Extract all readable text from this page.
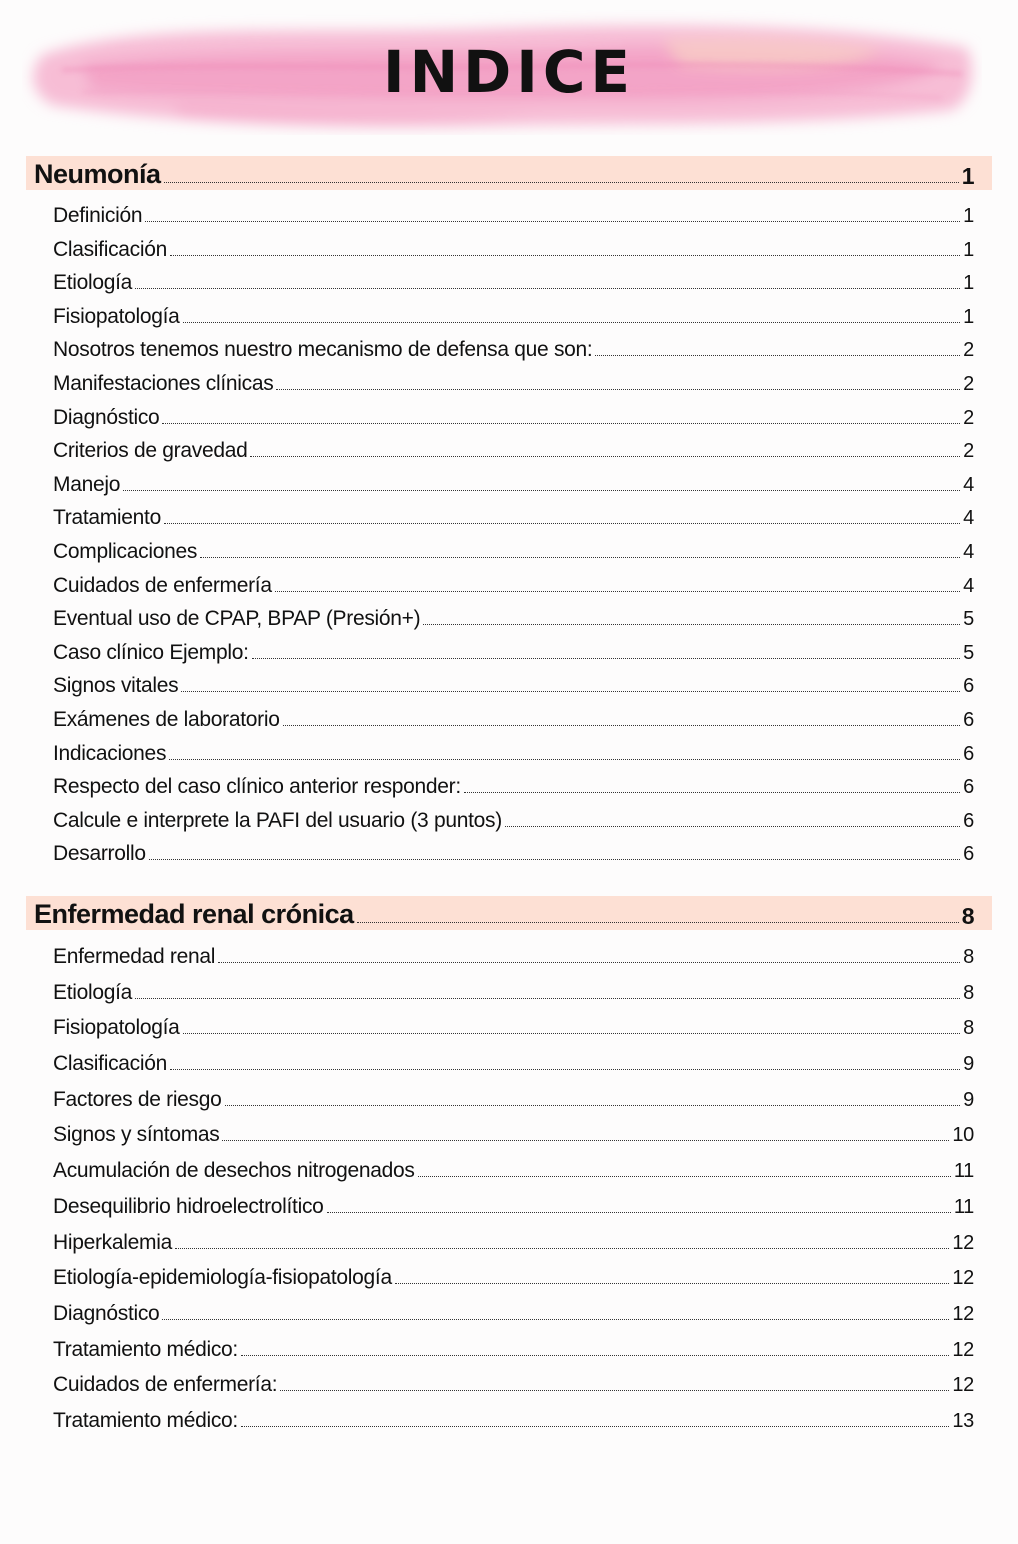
INDICE
Neumonía	1
Definición	1
Clasificación	1
Etiología	1
Fisiopatología	1
Nosotros tenemos nuestro mecanismo de defensa que son:	2
Manifestaciones clínicas	2
Diagnóstico	2
Criterios de gravedad	2
Manejo	4
Tratamiento	4
Complicaciones	4
Cuidados de enfermería	4
Eventual uso de CPAP, BPAP (Presión+)	5
Caso clínico Ejemplo:	5
Signos vitales	6
Exámenes de laboratorio	6
Indicaciones	6
Respecto del caso clínico anterior responder:	6
Calcule e interprete la PAFI del usuario (3 puntos)	6
Desarrollo	6
Enfermedad renal crónica	8
Enfermedad renal	8
Etiología	8
Fisiopatología	8
Clasificación	9
Factores de riesgo	9
Signos y síntomas	10
Acumulación de desechos nitrogenados	11
Desequilibrio hidroelectrolítico	11
Hiperkalemia	12
Etiología-epidemiología-fisiopatología	12
Diagnóstico	12
Tratamiento médico:	12
Cuidados de enfermería:	12
Tratamiento médico:	13
